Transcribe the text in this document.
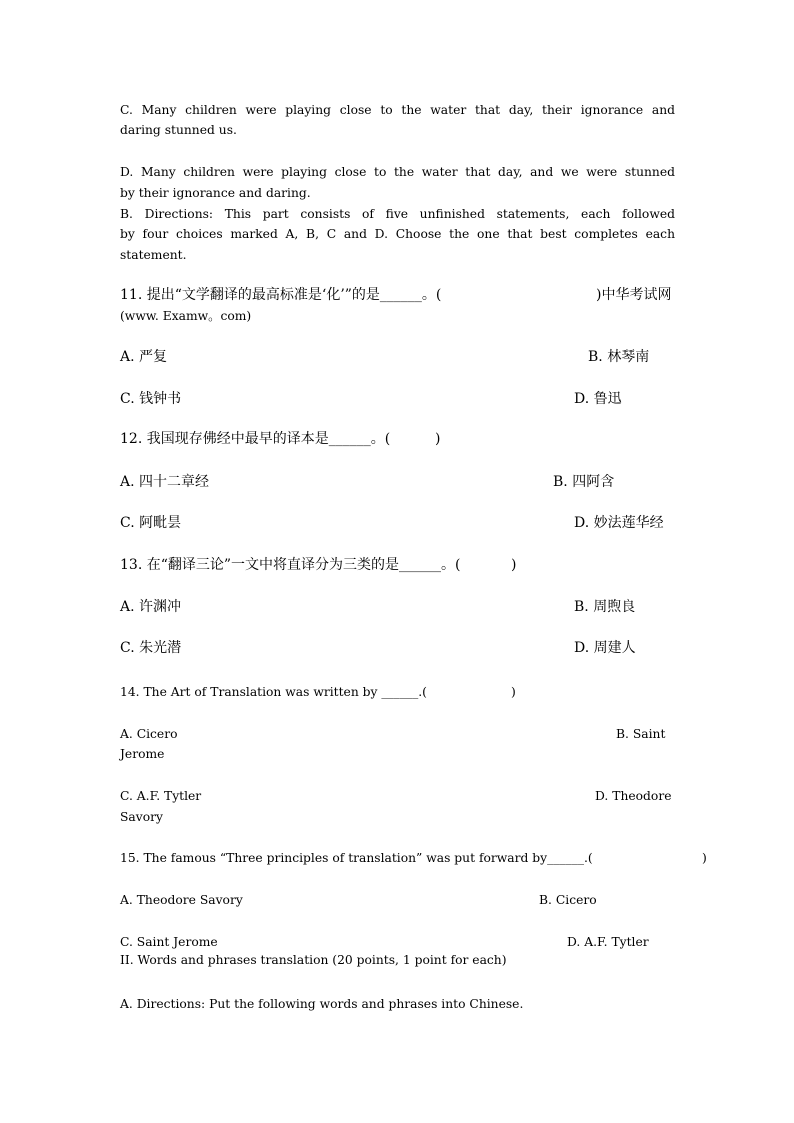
C. Many children were playing close to the water that day, their ignorance and
daring stunned us.
D. Many children were playing close to the water that day, and we were stunned
by their ignorance and daring.
B. Directions: This part consists of five unfinished statements, each followed
by four choices marked A, B, C and D. Choose the one that best completes each
statement.
11. 提出“文学翻译的最高标准是‘化’”的是______。(	)中华考试网
(www. Examw。com)
A. 严复	B. 林琴南
C. 钱钟书	D. 鲁迅
12. 我国现存佛经中最早的译本是______。(	)
A. 四十二章经	B. 四阿含
C. 阿毗昙	D. 妙法莲华经
13. 在“翻译三论”一文中将直译分为三类的是______。(	)
A. 许渊冲	B. 周煦良
C. 朱光潜	D. 周建人
14. The Art of Translation was written by ______.(	)
A. Cicero	B. Saint
Jerome
C. A.F. Tytler	D. Theodore
Savory
15. The famous “Three principles of translation” was put forward by______.(	)
A. Theodore Savory	B. Cicero
C. Saint Jerome	D. A.F. Tytler
II. Words and phrases translation (20 points, 1 point for each)
A. Directions: Put the following words and phrases into Chinese.
